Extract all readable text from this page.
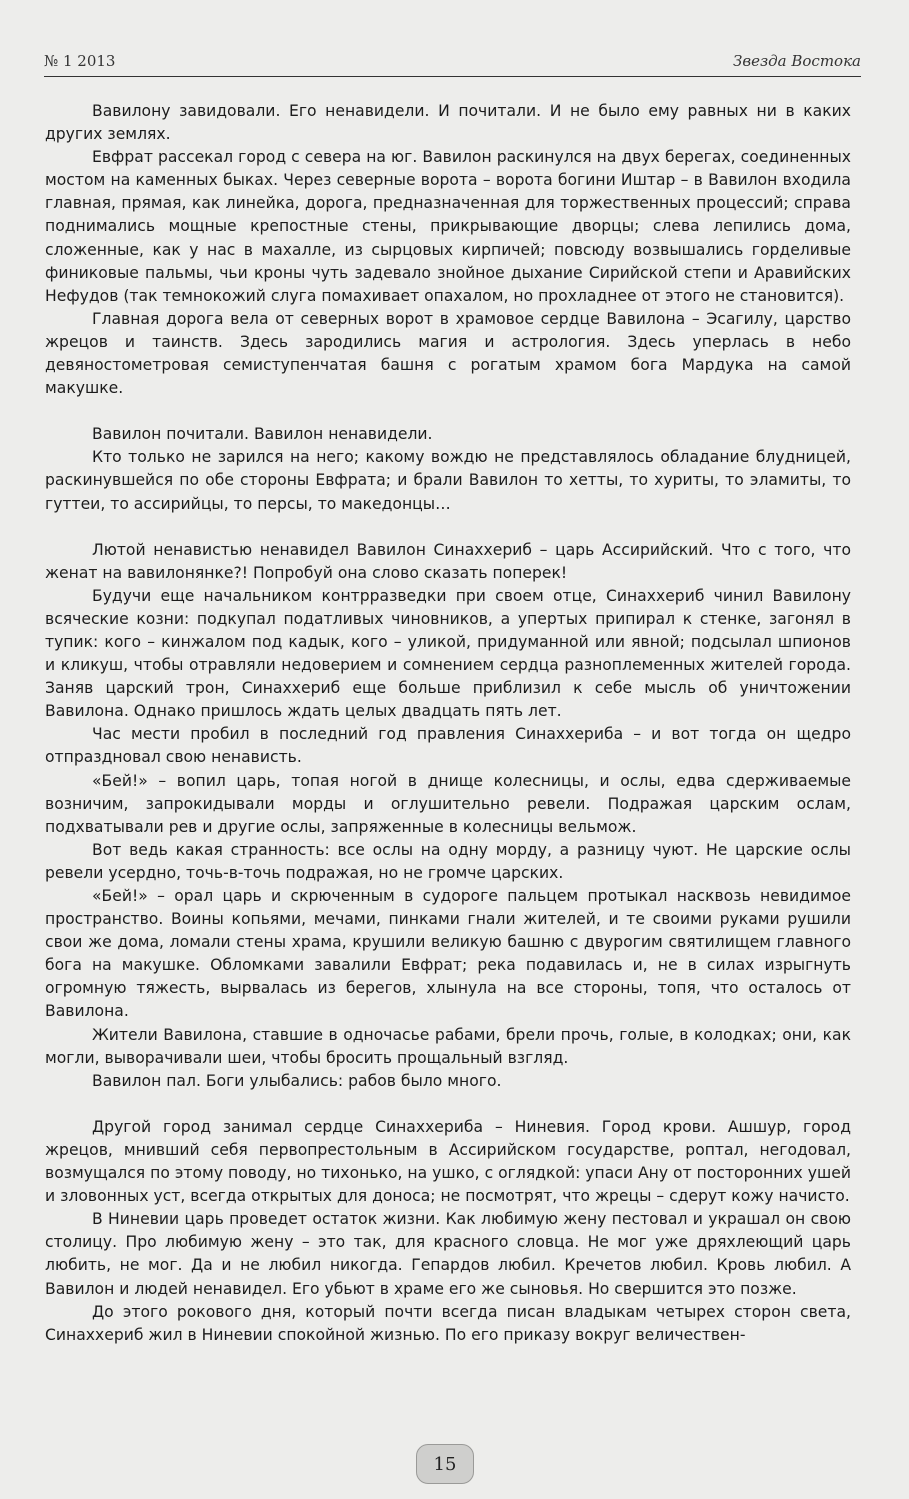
№ 1 2013	Звезда Востока

Вавилону завидовали. Его ненавидели. И почитали. И не было ему равных ни в каких других землях.

Евфрат рассекал город с севера на юг. Вавилон раскинулся на двух берегах, соединенных мостом на каменных быках. Через северные ворота – ворота богини Иштар – в Вавилон входила главная, прямая, как линейка, дорога, предназначенная для торжественных процессий; справа поднимались мощные крепостные стены, прикрывающие дворцы; слева лепились дома, сложенные, как у нас в махалле, из сырцовых кирпичей; повсюду возвышались горделивые финиковые пальмы, чьи кроны чуть задевало знойное дыхание Сирийской степи и Аравийских Нефудов (так темнокожий слуга помахивает опахалом, но прохладнее от этого не становится).

Главная дорога вела от северных ворот в храмовое сердце Вавилона – Эсагилу, царство жрецов и таинств. Здесь зародились магия и астрология. Здесь уперлась в небо девяностометровая семиступенчатая башня с рогатым храмом бога Мардука на самой макушке.

Вавилон почитали. Вавилон ненавидели.

Кто только не зарился на него; какому вождю не представлялось обладание блудницей, раскинувшейся по обе стороны Евфрата; и брали Вавилон то хетты, то хуриты, то эламиты, то гуттеи, то ассирийцы, то персы, то македонцы…

Лютой ненавистью ненавидел Вавилон Синаххериб – царь Ассирийский. Что с того, что женат на вавилонянке?! Попробуй она слово сказать поперек!

Будучи еще начальником контрразведки при своем отце, Синаххериб чинил Вавилону всяческие козни: подкупал податливых чиновников, а упертых припирал к стенке, загонял в тупик: кого – кинжалом под кадык, кого – уликой, придуманной или явной; подсылал шпионов и кликуш, чтобы отравляли недоверием и сомнением сердца разноплеменных жителей города. Заняв царский трон, Синаххериб еще больше приблизил к себе мысль об уничтожении Вавилона. Однако пришлось ждать целых двадцать пять лет.

Час мести пробил в последний год правления Синаххериба – и вот тогда он щедро отпраздновал свою ненависть.

«Бей!» – вопил царь, топая ногой в днище колесницы, и ослы, едва сдерживаемые возничим, запрокидывали морды и оглушительно ревели. Подражая царским ослам, подхватывали рев и другие ослы, запряженные в колесницы вельмож.

Вот ведь какая странность: все ослы на одну морду, а разницу чуют. Не царские ослы ревели усердно, точь-в-точь подражая, но не громче царских.

«Бей!» – орал царь и скрюченным в судороге пальцем протыкал насквозь невидимое пространство. Воины копьями, мечами, пинками гнали жителей, и те своими руками рушили свои же дома, ломали стены храма, крушили великую башню с двурогим святилищем главного бога на макушке. Обломками завалили Евфрат; река подавилась и, не в силах изрыгнуть огромную тяжесть, вырвалась из берегов, хлынула на все стороны, топя, что осталось от Вавилона.

Жители Вавилона, ставшие в одночасье рабами, брели прочь, голые, в колодках; они, как могли, выворачивали шеи, чтобы бросить прощальный взгляд.

Вавилон пал. Боги улыбались: рабов было много.

Другой город занимал сердце Синаххериба – Ниневия. Город крови. Ашшур, город жрецов, мнивший себя первопрестольным в Ассирийском государстве, роптал, негодовал, возмущался по этому поводу, но тихонько, на ушко, с оглядкой: упаси Ану от посторонних ушей и зловонных уст, всегда открытых для доноса; не посмотрят, что жрецы – сдерут кожу начисто.

В Ниневии царь проведет остаток жизни. Как любимую жену пестовал и украшал он свою столицу. Про любимую жену – это так, для красного словца. Не мог уже дряхлеющий царь любить, не мог. Да и не любил никогда. Гепардов любил. Кречетов любил. Кровь любил. А Вавилон и людей ненавидел. Его убьют в храме его же сыновья. Но свершится это позже.

До этого рокового дня, который почти всегда писан владыкам четырех сторон света, Синаххериб жил в Ниневии спокойной жизнью. По его приказу вокруг величествен-

15
